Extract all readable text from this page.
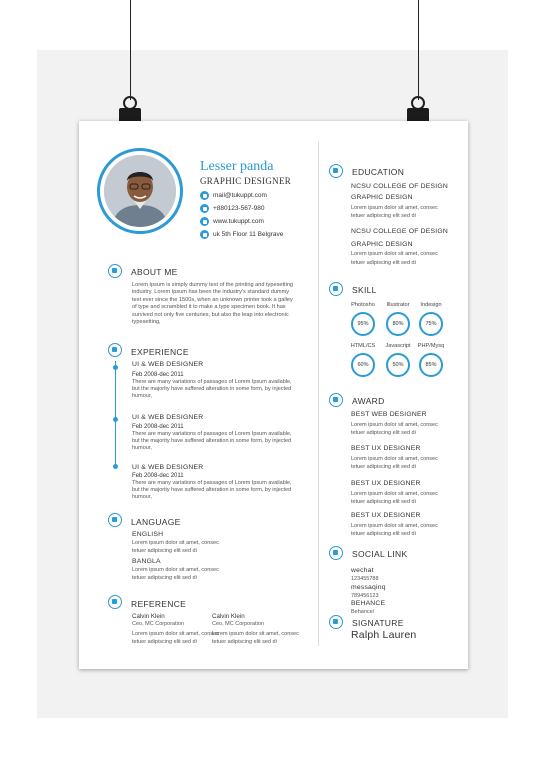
Lesser panda
GRAPHIC DESIGNER
mail@tukuppt.com
+880123-567-980
www.tukuppt.com
uk 5th Floor 11 Belgrave
ABOUT ME
Lorem Ipsum is simply dummy text of the printing and typesetting industry. Lorem Ipsum has been the industry's standard dummy text ever since the 1500s, when an unknown printer took a galley of type and scrambled it to make a type specimen book. It has survived not only five centuries, but also the leap into electronic typesetting,
EXPERIENCE
UI & WEB DESIGNER
Feb 2008-dec 2011
There are many variations of passages of Lorem Ipsum available, but the majority have suffered alteration in some form, by injected humour,
UI & WEB DESIGNER
Feb 2008-dec 2011
There are many variations of passages of Lorem Ipsum available, but the majority have suffered alteration in some form, by injected humour,
UI & WEB DESIGNER
Feb 2008-dec 2011
There are many variations of passages of Lorem Ipsum available, but the majority have suffered alteration in some form, by injected humour,
LANGUAGE
ENGLISH
Lorem ipsum dolor sit amet, consec
tetuer adipiscing elit sed di
BANGLA
Lorem ipsum dolor sit amet, consec
tetuer adipiscing elit sed di
REFERENCE
Calvin Klein
Ceo, MC Corporation
Lorem ipsum dolor sit amet, consec
tetuer adipiscing elit sed di
Calvin Klein
Ceo, MC Corporation
Lorem ipsum dolor sit amet, consec
tetuer adipiscing elit sed di
EDUCATION
NCSU COLLEGE OF DESIGN
GRAPHIC DESIGN
Lorem ipsum dolor sit amet, consec
tetuer adipiscing elit sed di
NCSU COLLEGE OF DESIGN
GRAPHIC DESIGN
Lorem ipsum dolor sit amet, consec
tetuer adipiscing elit sed di
SKILL
Photosho
95%
Illustrator
80%
Indesign
75%
HTML/CS
60%
Javascript
50%
PHP/Mysq
85%
AWARD
BEST WEB DESIGNER
Lorem ipsum dolor sit amet, consec
tetuer adipiscing elit sed di
BEST UX DESIGNER
Lorem ipsum dolor sit amet, consec
tetuer adipiscing elit sed di
BEST UX DESIGNER
Lorem ipsum dolor sit amet, consec
tetuer adipiscing elit sed di
BEST UX DESIGNER
Lorem ipsum dolor sit amet, consec
tetuer adipiscing elit sed di
SOCIAL LINK
wechat
123455788
messaqinq
789456123
BEHANCE
Behance/
SIGNATURE
Ralph Lauren
